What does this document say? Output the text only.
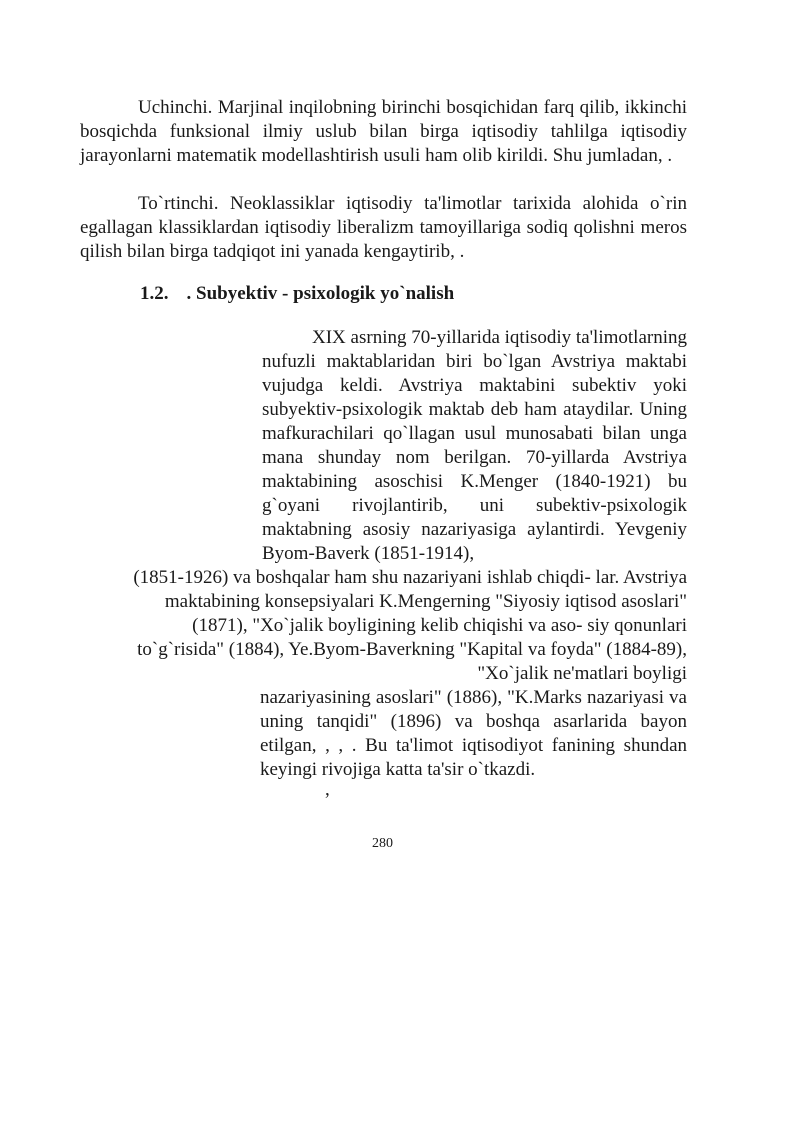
Uchinchi. Marjinal inqilobning birinchi bosqichidan farq qilib, ikkinchi bosqichda funksional ilmiy uslub bilan birga iqtisodiy tahlilga iqtisodiy jarayonlarni matematik modellashtirish usuli ham olib kirildi. Shu jumladan, .

To`rtinchi. Neoklassiklar iqtisodiy ta'limotlar tarixida alohida o`rin egallagan klassiklardan iqtisodiy liberalizm tamoyillariga sodiq qolishni meros qilish bilan birga tadqiqot ini yanada kengaytirib, .

1.2. . Subyektiv - psixologik yo`nalish

XIX asrning 70-yillarida iqtisodiy ta'limotlarning nufuzli maktablaridan biri bo`lgan Avstriya maktabi vujudga keldi. Avstriya maktabini subektiv yoki subyektiv-psixologik maktab deb ham ataydilar. Uning mafkurachilari qo`llagan usul munosabati bilan unga mana shunday nom berilgan. 70-yillarda Avstriya maktabining asoschisi K.Menger (1840-1921) bu g`oyani rivojlantirib, uni subektiv-psixologik maktabning asosiy nazariyasiga aylantirdi. Yevgeniy Byom-Baverk (1851-1914),

(1851-1926) va boshqalar ham shu nazariyani ishlab chiqdi- lar. Avstriya

maktabining konsepsiyalari K.Mengerning "Siyosiy iqtisod asoslari"

(1871), "Xo`jalik boyligining kelib chiqishi va aso- siy qonunlari

to`g`risida" (1884), Ye.Byom-Baverkning "Kapital va foyda" (1884-89),

"Xo`jalik ne'matlari boyligi

nazariyasining asoslari" (1886), "K.Marks nazariyasi va uning tanqidi" (1896) va boshqa asarlarida bayon etilgan, , , . Bu ta'limot iqtisodiyot fanining shundan keyingi rivojiga katta ta'sir o`tkazdi.

,

280
